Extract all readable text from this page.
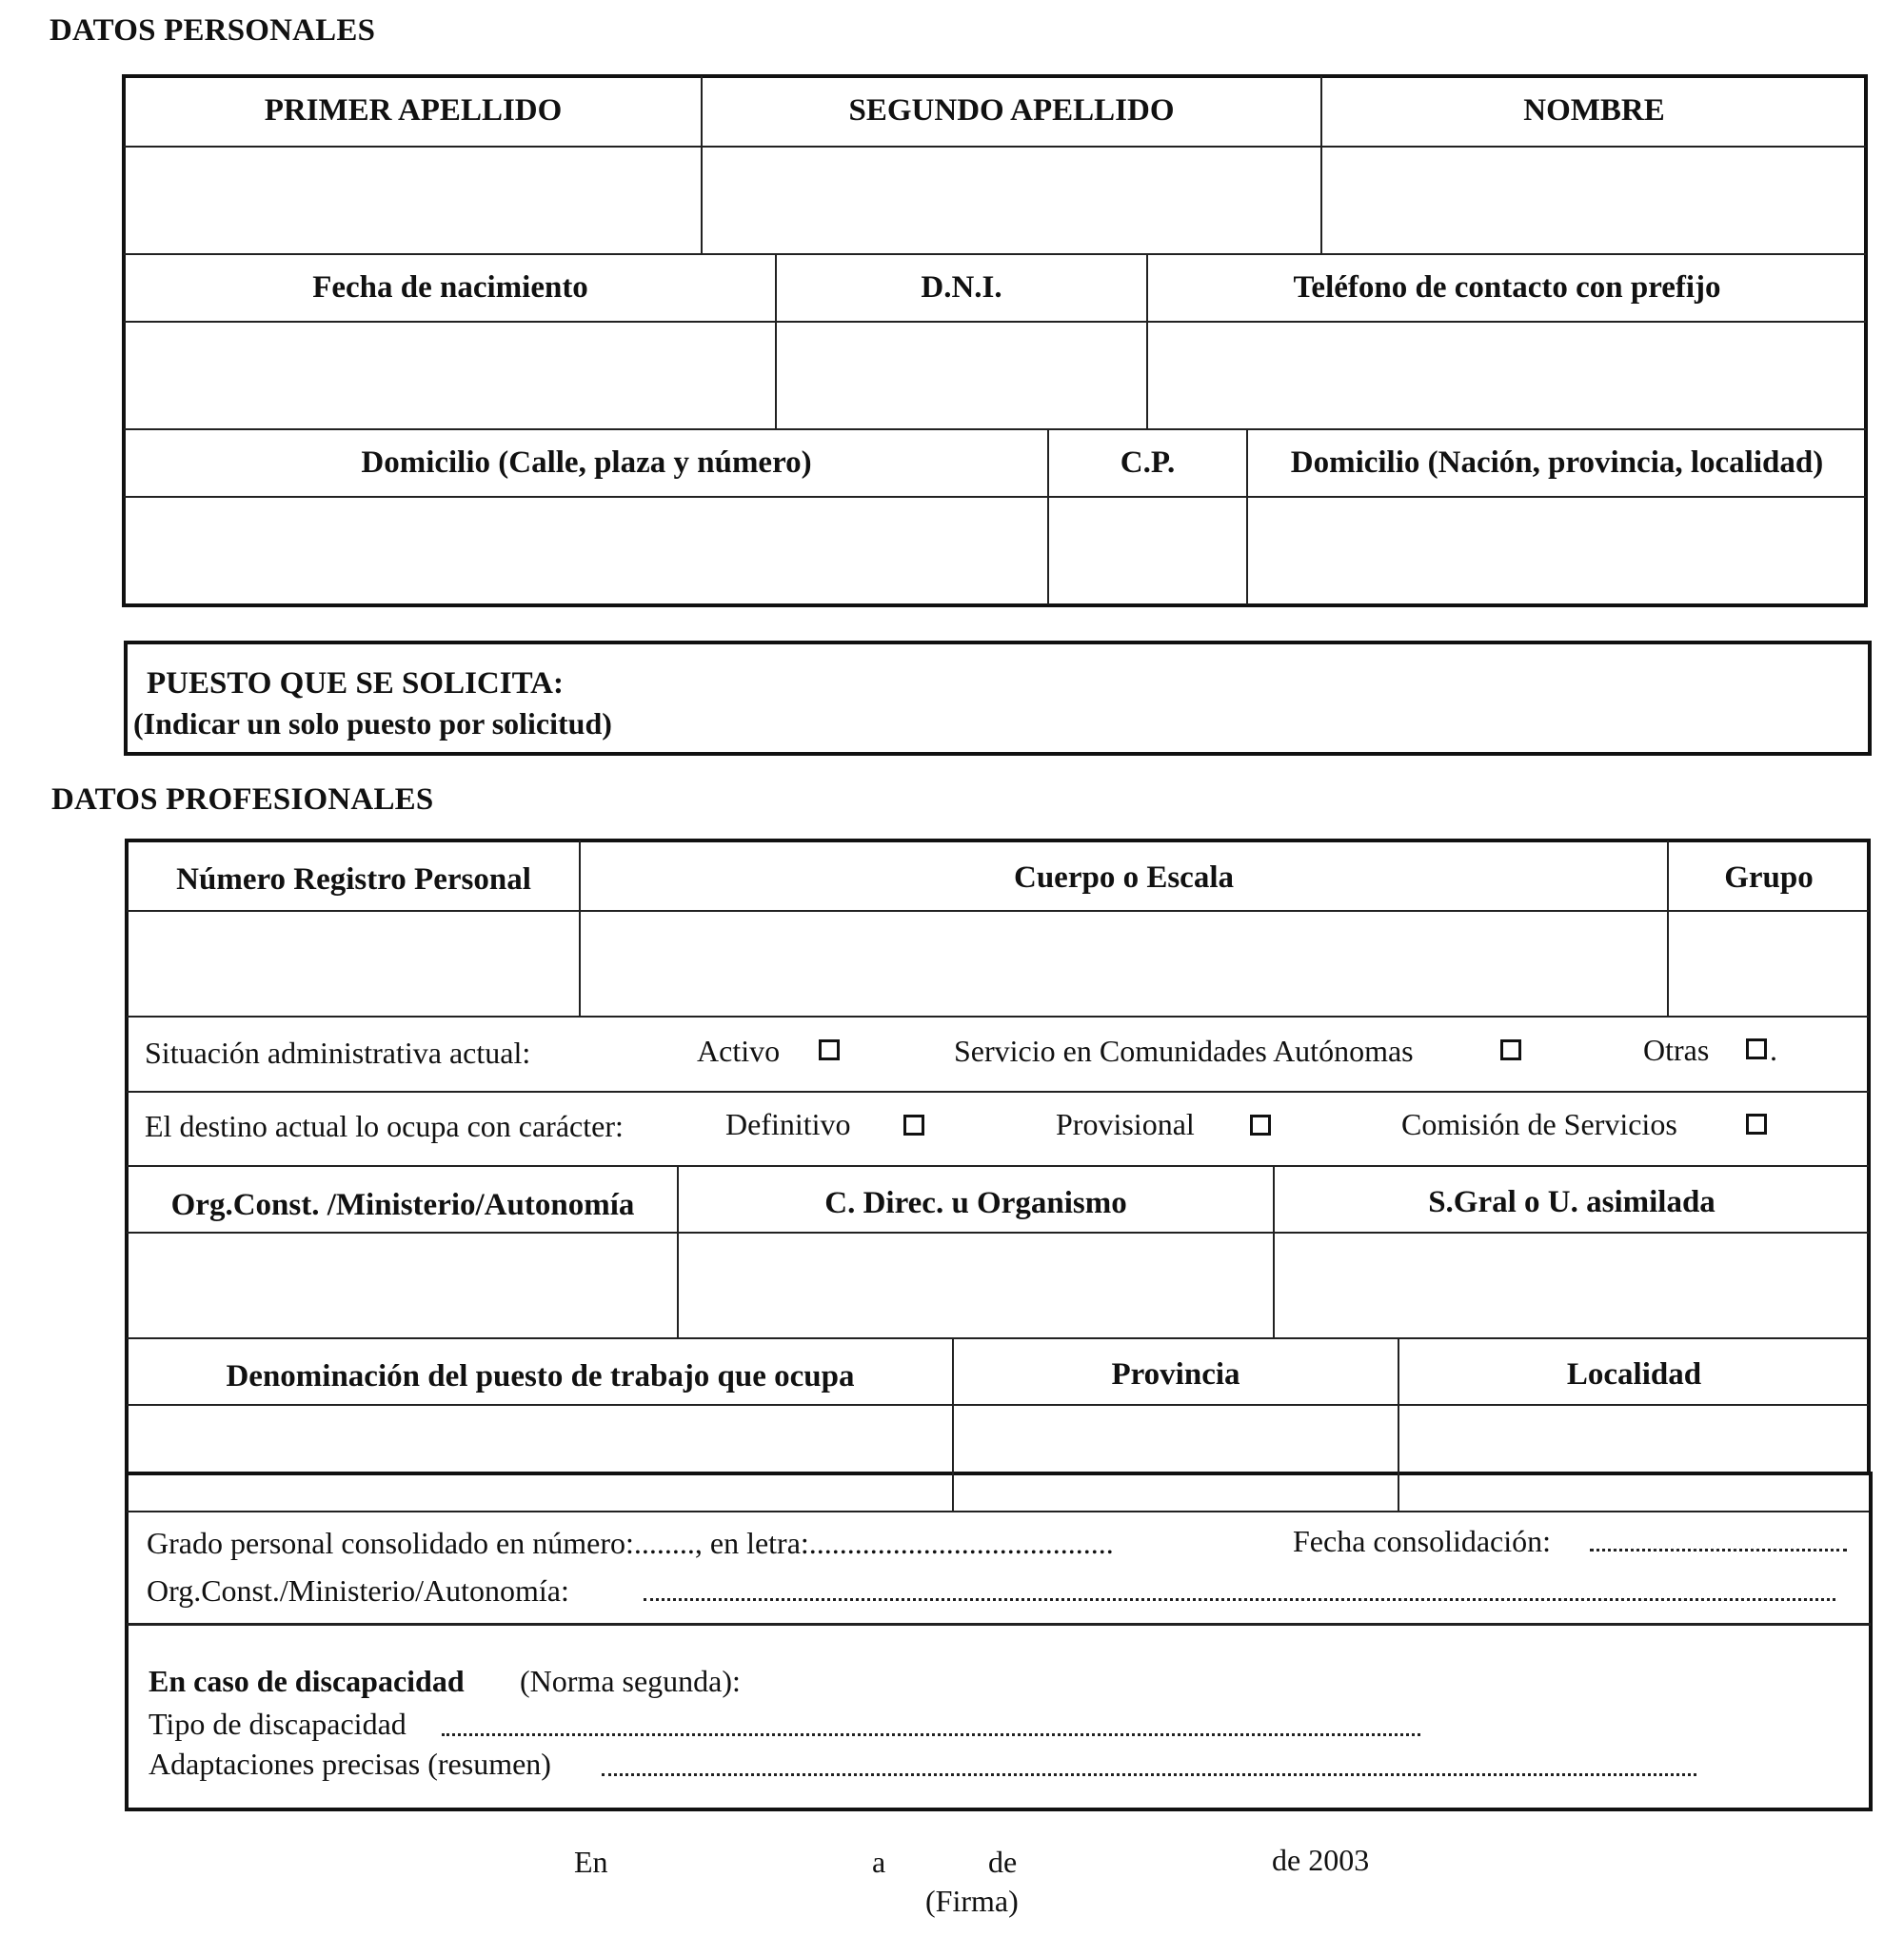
DATOS PERSONALES
PRIMER APELLIDO	SEGUNDO APELLIDO	NOMBRE
Fecha de nacimiento	D.N.I.	Teléfono de contacto con prefijo
Domicilio (Calle, plaza y número)	C.P.	Domicilio (Nación, provincia, localidad)
PUESTO QUE SE SOLICITA:
(Indicar un solo puesto por solicitud)
DATOS PROFESIONALES
Número Registro Personal	Cuerpo o Escala	Grupo
Situación administrativa actual:	Activo	Servicio en Comunidades Autónomas	Otras .
El destino actual lo ocupa con carácter:	Definitivo	Provisional	Comisión de Servicios
Org.Const. /Ministerio/Autonomía	C. Direc. u Organismo	S.Gral o U. asimilada
Denominación del puesto de trabajo que ocupa	Provincia	Localidad
Grado personal consolidado en número:........, en letra:........................................	Fecha consolidación:
Org.Const./Ministerio/Autonomía:
En caso de discapacidad (Norma segunda):
Tipo de discapacidad
Adaptaciones precisas (resumen)
En	a	de	de 2003
(Firma)
